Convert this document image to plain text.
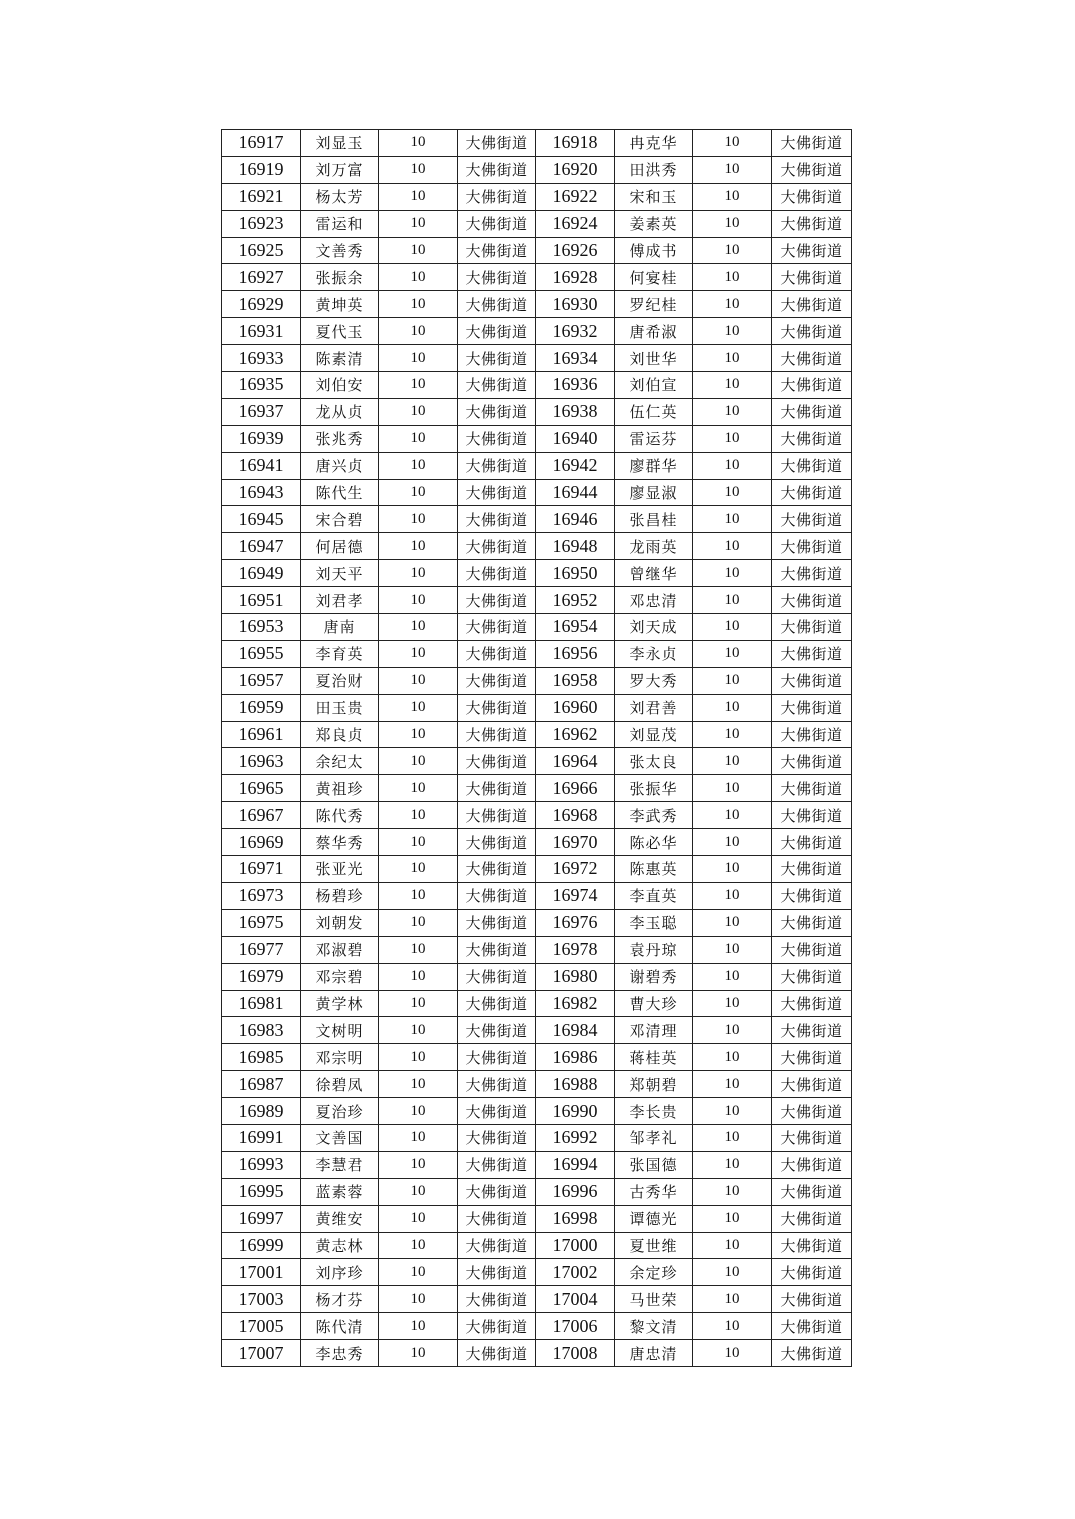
16917	刘显玉	10	大佛街道	16918	冉克华	10	大佛街道
16919	刘万富	10	大佛街道	16920	田洪秀	10	大佛街道
16921	杨太芳	10	大佛街道	16922	宋和玉	10	大佛街道
16923	雷运和	10	大佛街道	16924	姜素英	10	大佛街道
16925	文善秀	10	大佛街道	16926	傅成书	10	大佛街道
16927	张振余	10	大佛街道	16928	何宴桂	10	大佛街道
16929	黄坤英	10	大佛街道	16930	罗纪桂	10	大佛街道
16931	夏代玉	10	大佛街道	16932	唐希淑	10	大佛街道
16933	陈素清	10	大佛街道	16934	刘世华	10	大佛街道
16935	刘伯安	10	大佛街道	16936	刘伯宣	10	大佛街道
16937	龙从贞	10	大佛街道	16938	伍仁英	10	大佛街道
16939	张兆秀	10	大佛街道	16940	雷运芬	10	大佛街道
16941	唐兴贞	10	大佛街道	16942	廖群华	10	大佛街道
16943	陈代生	10	大佛街道	16944	廖显淑	10	大佛街道
16945	宋合碧	10	大佛街道	16946	张昌桂	10	大佛街道
16947	何居德	10	大佛街道	16948	龙雨英	10	大佛街道
16949	刘天平	10	大佛街道	16950	曾继华	10	大佛街道
16951	刘君孝	10	大佛街道	16952	邓忠清	10	大佛街道
16953	唐南	10	大佛街道	16954	刘天成	10	大佛街道
16955	李育英	10	大佛街道	16956	李永贞	10	大佛街道
16957	夏治财	10	大佛街道	16958	罗大秀	10	大佛街道
16959	田玉贵	10	大佛街道	16960	刘君善	10	大佛街道
16961	郑良贞	10	大佛街道	16962	刘显茂	10	大佛街道
16963	余纪太	10	大佛街道	16964	张太良	10	大佛街道
16965	黄祖珍	10	大佛街道	16966	张振华	10	大佛街道
16967	陈代秀	10	大佛街道	16968	李武秀	10	大佛街道
16969	蔡华秀	10	大佛街道	16970	陈必华	10	大佛街道
16971	张亚光	10	大佛街道	16972	陈惠英	10	大佛街道
16973	杨碧珍	10	大佛街道	16974	李直英	10	大佛街道
16975	刘朝发	10	大佛街道	16976	李玉聪	10	大佛街道
16977	邓淑碧	10	大佛街道	16978	袁丹琼	10	大佛街道
16979	邓宗碧	10	大佛街道	16980	谢碧秀	10	大佛街道
16981	黄学林	10	大佛街道	16982	曹大珍	10	大佛街道
16983	文树明	10	大佛街道	16984	邓清理	10	大佛街道
16985	邓宗明	10	大佛街道	16986	蒋桂英	10	大佛街道
16987	徐碧凤	10	大佛街道	16988	郑朝碧	10	大佛街道
16989	夏治珍	10	大佛街道	16990	李长贵	10	大佛街道
16991	文善国	10	大佛街道	16992	邹孝礼	10	大佛街道
16993	李慧君	10	大佛街道	16994	张国德	10	大佛街道
16995	蓝素蓉	10	大佛街道	16996	古秀华	10	大佛街道
16997	黄维安	10	大佛街道	16998	谭德光	10	大佛街道
16999	黄志林	10	大佛街道	17000	夏世维	10	大佛街道
17001	刘序珍	10	大佛街道	17002	余定珍	10	大佛街道
17003	杨才芬	10	大佛街道	17004	马世荣	10	大佛街道
17005	陈代清	10	大佛街道	17006	黎文清	10	大佛街道
17007	李忠秀	10	大佛街道	17008	唐忠清	10	大佛街道
